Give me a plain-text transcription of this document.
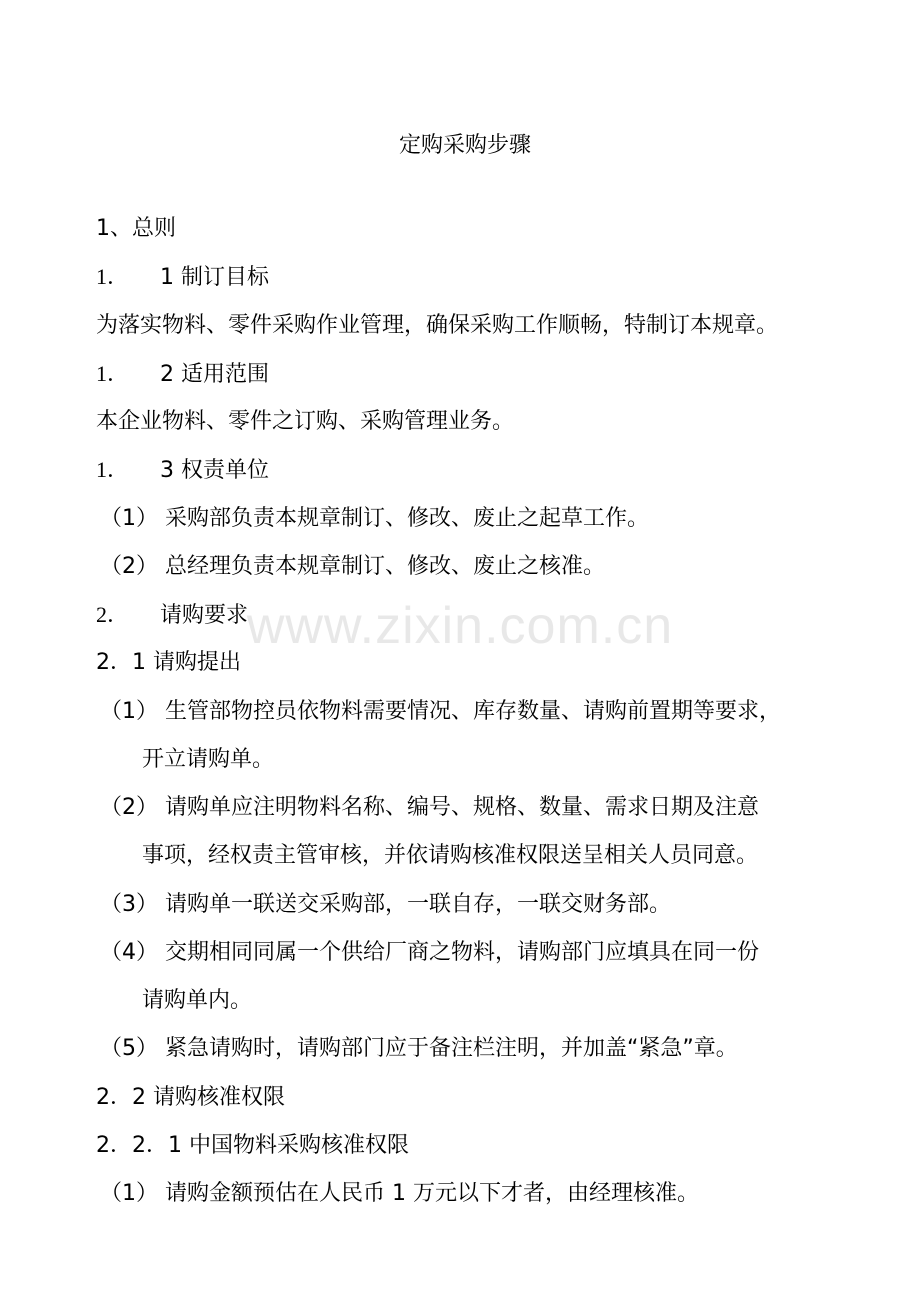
定购采购步骤
1、总则
1． 1 制订目标
为落实物料、零件采购作业管理，确保采购工作顺畅，特制订本规章。
1． 2 适用范围
本企业物料、零件之订购、采购管理业务。
1． 3 权责单位
（1） 采购部负责本规章制订、修改、废止之起草工作。
（2） 总经理负责本规章制订、修改、废止之核准。
2． 请购要求
2．1 请购提出
（1） 生管部物控员依物料需要情况、库存数量、请购前置期等要求，
开立请购单。
（2） 请购单应注明物料名称、编号、规格、数量、需求日期及注意
事项，经权责主管审核，并依请购核准权限送呈相关人员同意。
（3） 请购单一联送交采购部，一联自存，一联交财务部。
（4） 交期相同同属一个供给厂商之物料，请购部门应填具在同一份
请购单内。
（5） 紧急请购时，请购部门应于备注栏注明，并加盖“紧急”章。
2．2 请购核准权限
2．2．1 中国物料采购核准权限
（1） 请购金额预估在人民币 1 万元以下才者，由经理核准。
www.zixin.com.cn
